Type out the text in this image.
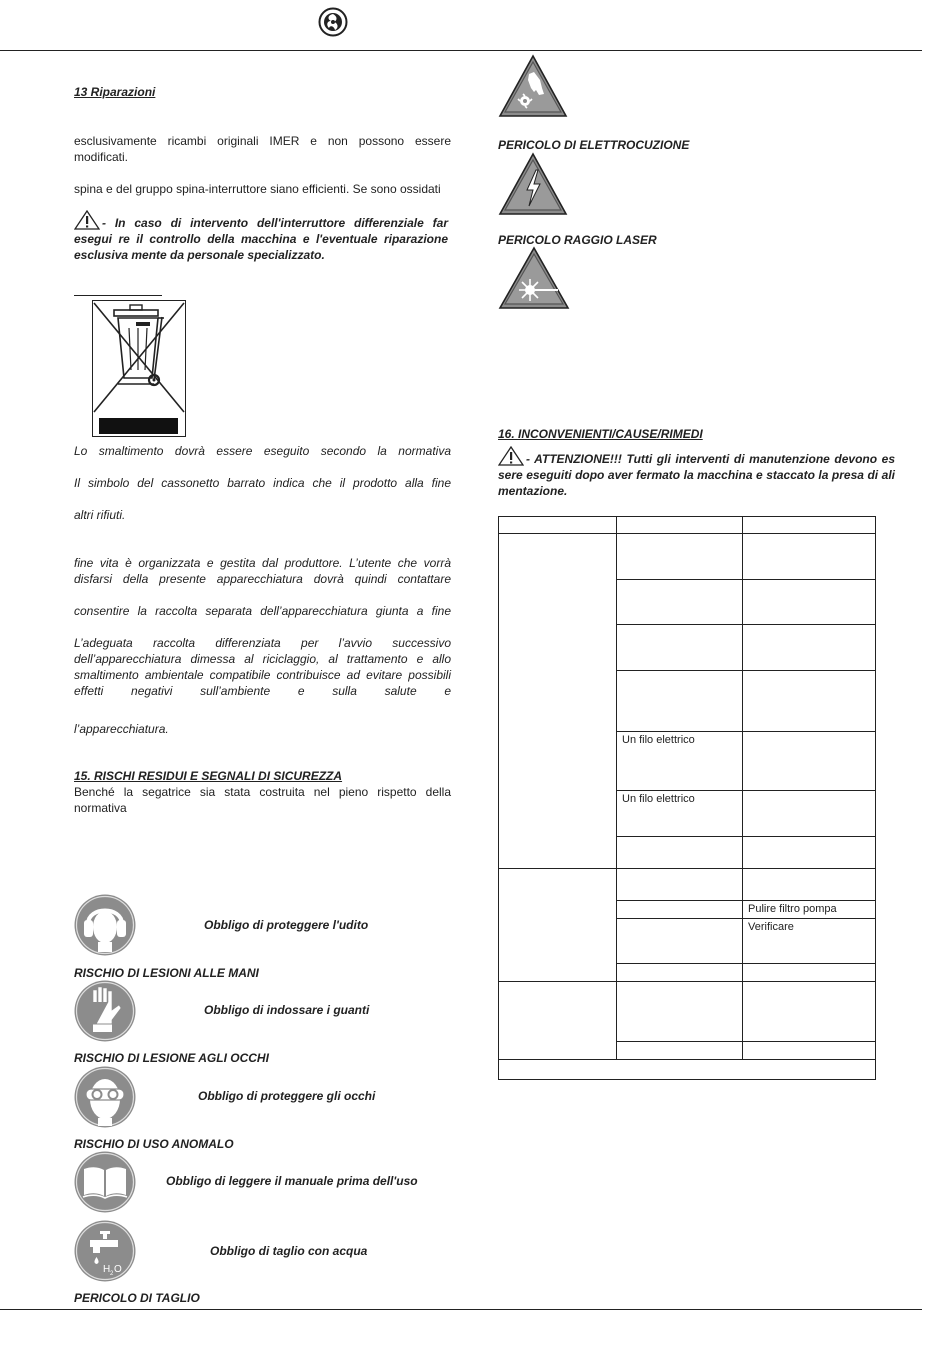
13 Riparazioni
esclusivamente ricambi originali IMER e non possono essere modificati.
spina e del gruppo spina-interruttore siano efficienti. Se sono ossidati
- In caso di intervento dell'interruttore differenziale far esegui re il controllo della macchina e l'eventuale riparazione esclusiva mente da personale specializzato.
Lo smaltimento dovrà essere eseguito secondo la normativa
Il simbolo del cassonetto barrato indica che il prodotto alla fine
altri rifiuti.
fine vita è organizzata e gestita dal produttore. L’utente che vorrà disfarsi della presente apparecchiatura dovrà quindi contattare
consentire la raccolta separata dell’apparecchiatura giunta a fine
L’adeguata raccolta differenziata per l’avvio successivo dell’apparecchiatura dimessa al riciclaggio, al trattamento e allo smaltimento ambientale compatibile contribuisce ad evitare possibili effetti negativi sull’ambiente e sulla salute e
l’apparecchiatura.
15. RISCHI RESIDUI E SEGNALI DI SICUREZZA
Benché la segatrice sia stata costruita nel pieno rispetto della normativa
Obbligo di proteggere l'udito
RISCHIO DI LESIONI ALLE MANI
Obbligo di indossare i guanti
RISCHIO DI LESIONE AGLI OCCHI
Obbligo di proteggere gli occhi
RISCHIO DI USO ANOMALO
Obbligo di leggere il manuale prima dell'uso
H 2 O
Obbligo di taglio con acqua
PERICOLO DI TAGLIO
PERICOLO DI ELETTROCUZIONE
PERICOLO RAGGIO LASER
16. INCONVENIENTI/CAUSE/RIMEDI
- ATTENZIONE!!! Tutti gli interventi di manutenzione devono es sere eseguiti dopo aver fermato la macchina e staccato la presa di ali mentazione.
Un filo elettrico
Un filo elettrico
Pulire filtro pompa
Verificare
